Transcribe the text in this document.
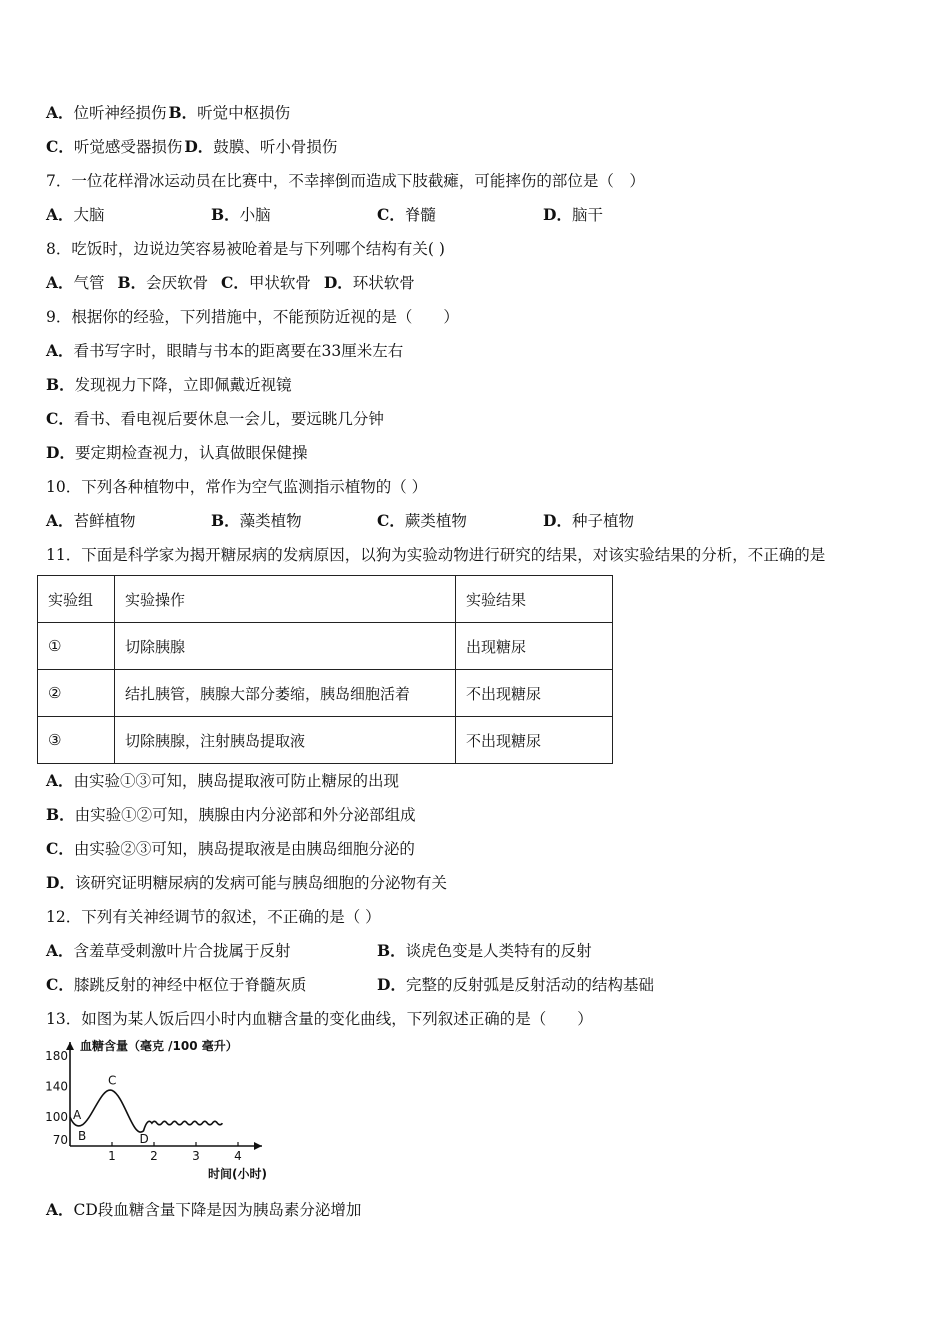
A．位听神经损伤 B．听觉中枢损伤
C．听觉感受器损伤 D．鼓膜、听小骨损伤
7．一位花样滑冰运动员在比赛中，不幸摔倒而造成下肢截瘫，可能摔伤的部位是（　）
A．大脑	B．小脑	C．脊髓	D．脑干
8．吃饭时，边说边笑容易被呛着是与下列哪个结构有关( )
A．气管 B．会厌软骨 C．甲状软骨 D．环状软骨
9．根据你的经验，下列措施中，不能预防近视的是（　　）
A．看书写字时，眼睛与书本的距离要在33厘米左右
B．发现视力下降，立即佩戴近视镜
C．看书、看电视后要休息一会儿，要远眺几分钟
D．要定期检查视力，认真做眼保健操
10．下列各种植物中，常作为空气监测指示植物的（ ）
A．苔鲜植物	B．藻类植物	C．蕨类植物	D．种子植物
11．下面是科学家为揭开糖尿病的发病原因，以狗为实验动物进行研究的结果，对该实验结果的分析，不正确的是
实验组	实验操作	实验结果
①	切除胰腺	出现糖尿
②	结扎胰管，胰腺大部分萎缩，胰岛细胞活着	不出现糖尿
③	切除胰腺，注射胰岛提取液	不出现糖尿
A．由实验①③可知，胰岛提取液可防止糖尿的出现
B．由实验①②可知，胰腺由内分泌部和外分泌部组成
C．由实验②③可知，胰岛提取液是由胰岛细胞分泌的
D．该研究证明糖尿病的发病可能与胰岛细胞的分泌物有关
12．下列有关神经调节的叙述，不正确的是（ ）
A．含羞草受刺激叶片合拢属于反射	B．谈虎色变是人类特有的反射
C．膝跳反射的神经中枢位于脊髓灰质	D．完整的反射弧是反射活动的结构基础
13．如图为某人饭后四小时内血糖含量的变化曲线，下列叙述正确的是（　　）
180
140
100
70
1	2	3	4
A
B
C
D
血糖含量（毫克 /100 毫升）
时间(小时)
A．CD段血糖含量下降是因为胰岛素分泌增加
